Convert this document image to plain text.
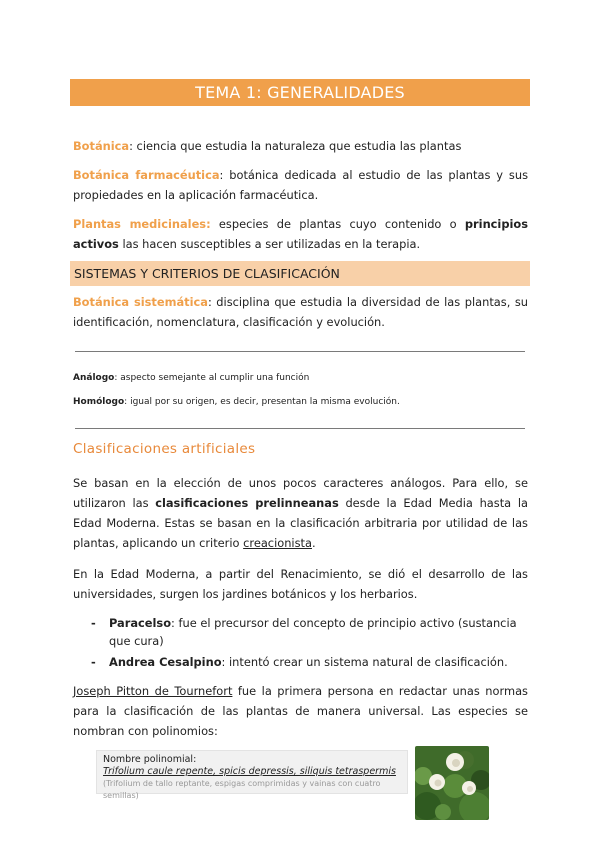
TEMA 1: GENERALIDADES
Botánica: ciencia que estudia la naturaleza que estudia las plantas
Botánica farmacéutica: botánica dedicada al estudio de las plantas y sus propiedades en la aplicación farmacéutica.
Plantas medicinales: especies de plantas cuyo contenido o principios activos las hacen susceptibles a ser utilizadas en la terapia.
SISTEMAS Y CRITERIOS DE CLASIFICACIÓN
Botánica sistemática: disciplina que estudia la diversidad de las plantas, su identificación, nomenclatura, clasificación y evolución.
Análogo: aspecto semejante al cumplir una función
Homólogo: igual por su origen, es decir, presentan la misma evolución.
Clasificaciones artificiales
Se basan en la elección de unos pocos caracteres análogos. Para ello, se utilizaron las clasificaciones prelinneanas desde la Edad Media hasta la Edad Moderna. Estas se basan en la clasificación arbitraria por utilidad de las plantas, aplicando un criterio creacionista.
En la Edad Moderna, a partir del Renacimiento, se dió el desarrollo de las universidades, surgen los jardines botánicos y los herbarios.
- Paracelso: fue el precursor del concepto de principio activo (sustancia que cura)
- Andrea Cesalpino: intentó crear un sistema natural de clasificación.
Joseph Pitton de Tournefort fue la primera persona en redactar unas normas para la clasificación de las plantas de manera universal. Las especies se nombran con polinomios:
Nombre polinomial:
Trifolium caule repente, spicis depressis, siliquis tetraspermis
(Trifolium de tallo reptante, espigas comprimidas y vainas con cuatro semillas)
